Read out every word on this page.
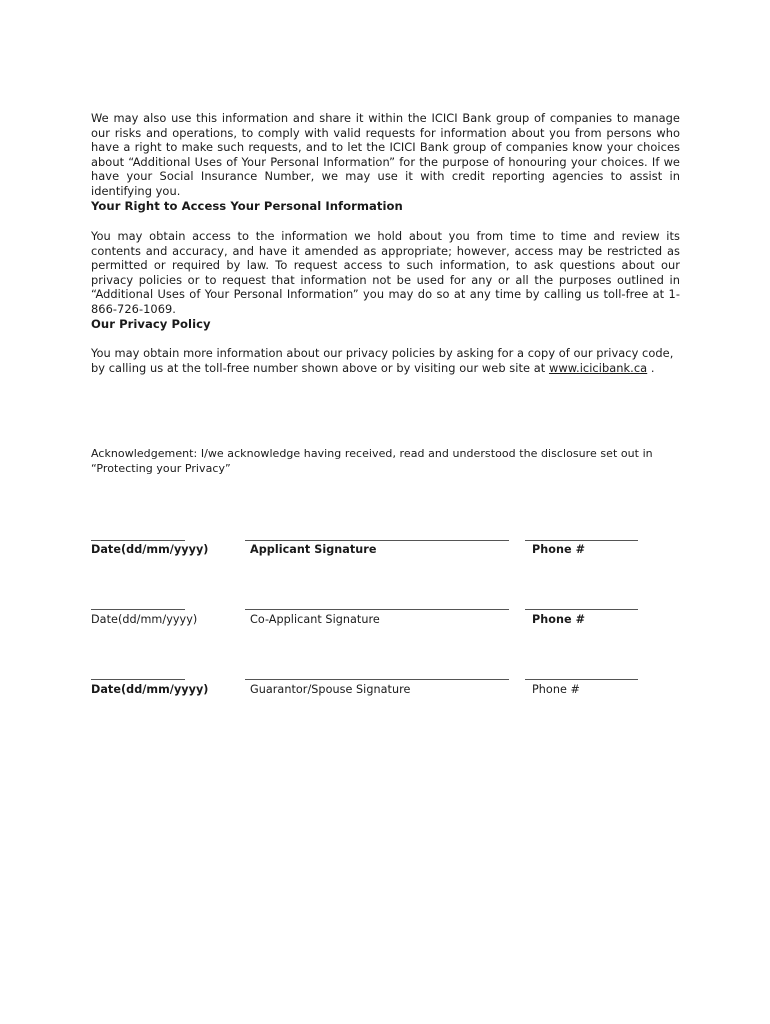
We may also use this information and share it within the ICICI Bank group of companies to manage our risks and operations, to comply with valid requests for information about you from persons who have a right to make such requests, and to let the ICICI Bank group of companies know your choices about “Additional Uses of Your Personal Information” for the purpose of honouring your choices. If we have your Social Insurance Number, we may use it with credit reporting agencies to assist in identifying you.

Your Right to Access Your Personal Information

You may obtain access to the information we hold about you from time to time and review its contents and accuracy, and have it amended as appropriate; however, access may be restricted as permitted or required by law. To request access to such information, to ask questions about our privacy policies or to request that information not be used for any or all the purposes outlined in “Additional Uses of Your Personal Information” you may do so at any time by calling us toll-free at 1-866-726-1069.

Our Privacy Policy

You may obtain more information about our privacy policies by asking for a copy of our privacy code, by calling us at the toll-free number shown above or by visiting our web site at www.icicibank.ca .

Acknowledgement: I/we acknowledge having received, read and understood the disclosure set out in “Protecting your Privacy”

Date(dd/mm/yyyy)	Applicant Signature	Phone #
Date(dd/mm/yyyy)	Co-Applicant Signature	Phone #
Date(dd/mm/yyyy)	Guarantor/Spouse Signature	Phone #
